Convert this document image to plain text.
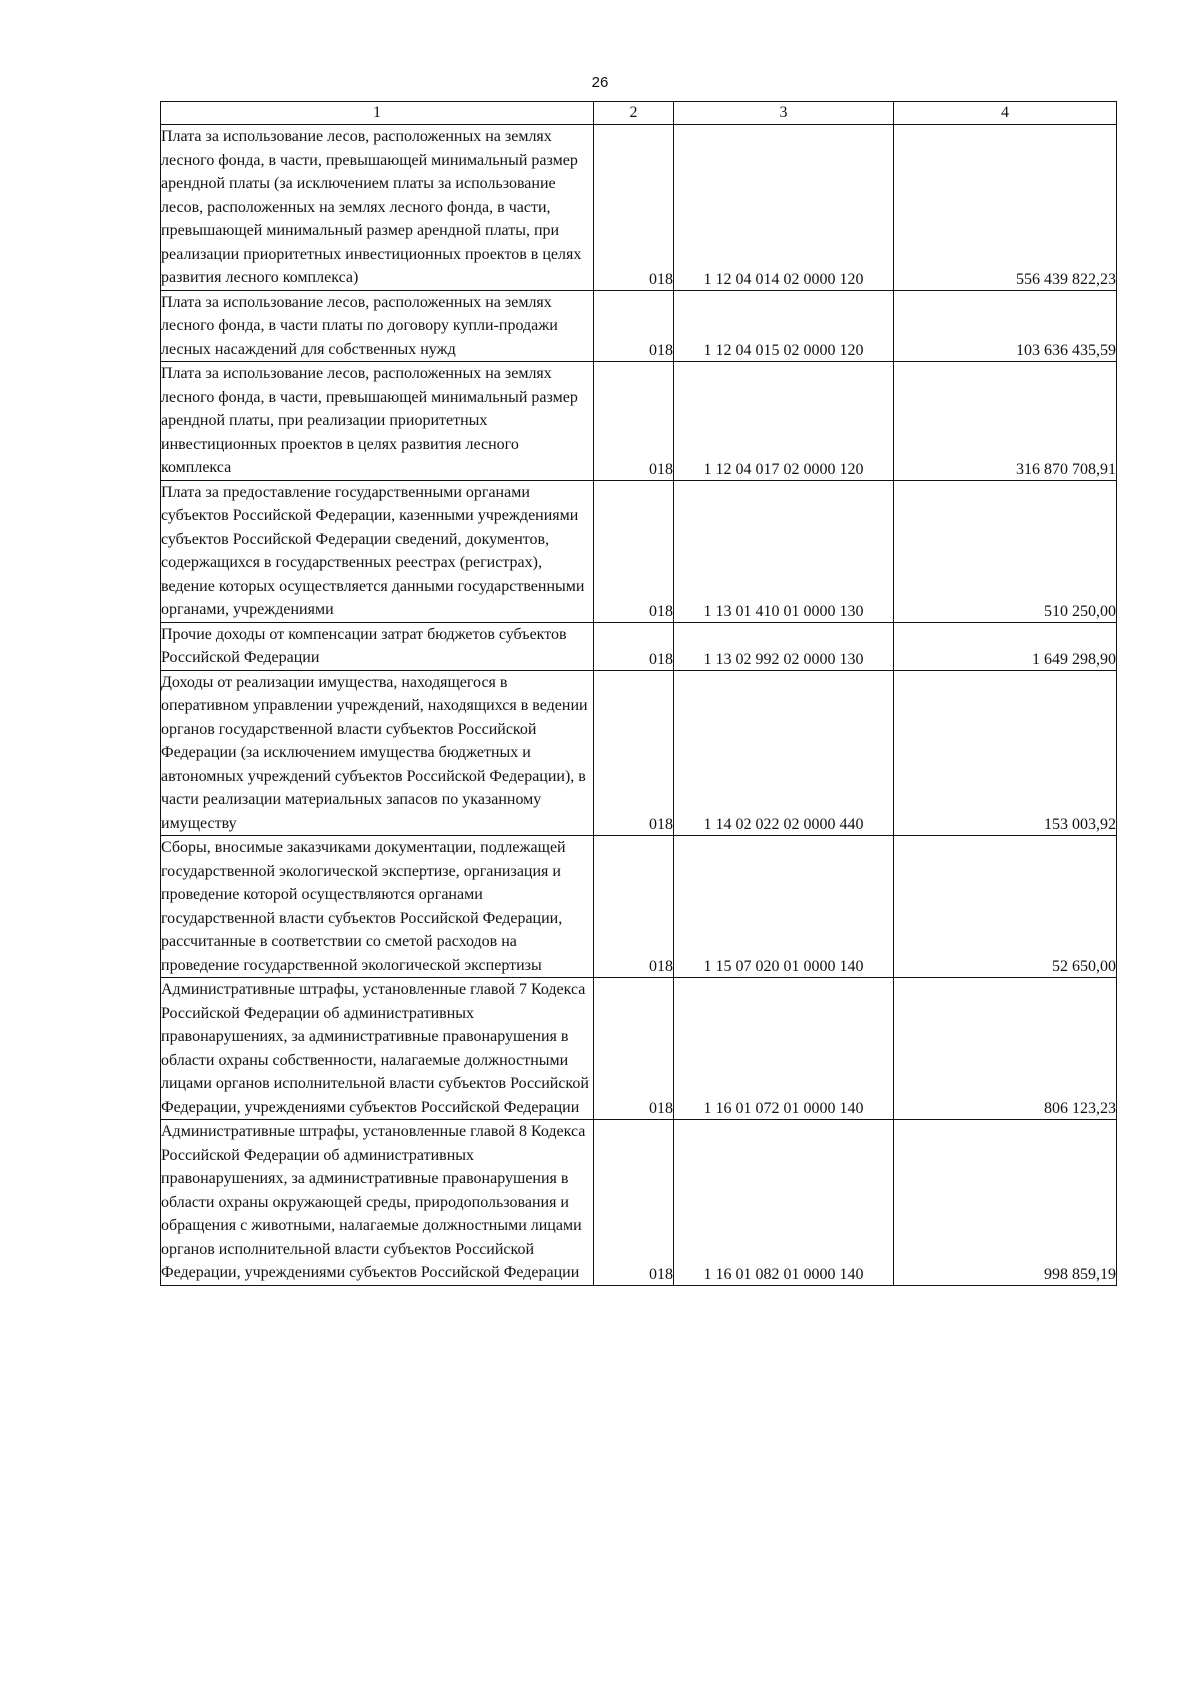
26
1	2	3	4
Плата за использование лесов, расположенных на землях лесного фонда, в части, превышающей минимальный размер арендной платы (за исключением платы за использование лесов, расположенных на землях лесного фонда, в части, превышающей минимальный размер арендной платы, при реализации приоритетных инвестиционных проектов в целях развития лесного комплекса)	018	1 12 04 014 02 0000 120	556 439 822,23
Плата за использование лесов, расположенных на землях лесного фонда, в части платы по договору купли-продажи лесных насаждений для собственных нужд	018	1 12 04 015 02 0000 120	103 636 435,59
Плата за использование лесов, расположенных на землях лесного фонда, в части, превышающей минимальный размер арендной платы, при реализации приоритетных инвестиционных проектов в целях развития лесного комплекса	018	1 12 04 017 02 0000 120	316 870 708,91
Плата за предоставление государственными органами субъектов Российской Федерации, казенными учреждениями субъектов Российской Федерации сведений, документов, содержащихся в государственных реестрах (регистрах), ведение которых осуществляется данными государственными органами, учреждениями	018	1 13 01 410 01 0000 130	510 250,00
Прочие доходы от компенсации затрат бюджетов субъектов Российской Федерации	018	1 13 02 992 02 0000 130	1 649 298,90
Доходы от реализации имущества, находящегося в оперативном управлении учреждений, находящихся в ведении органов государственной власти субъектов Российской Федерации (за исключением имущества бюджетных и автономных учреждений субъектов Российской Федерации), в части реализации материальных запасов по указанному имуществу	018	1 14 02 022 02 0000 440	153 003,92
Сборы, вносимые заказчиками документации, подлежащей государственной экологической экспертизе, организация и проведение которой осуществляются органами государственной власти субъектов Российской Федерации, рассчитанные в соответствии со сметой расходов на проведение государственной экологической экспертизы	018	1 15 07 020 01 0000 140	52 650,00
Административные штрафы, установленные главой 7 Кодекса Российской Федерации об административных правонарушениях, за административные правонарушения в области охраны собственности, налагаемые должностными лицами органов исполнительной власти субъектов Российской Федерации, учреждениями субъектов Российской Федерации	018	1 16 01 072 01 0000 140	806 123,23
Административные штрафы, установленные главой 8 Кодекса Российской Федерации об административных правонарушениях, за административные правонарушения в области охраны окружающей среды, природопользования и обращения с животными, налагаемые должностными лицами органов исполнительной власти субъектов Российской Федерации, учреждениями субъектов Российской Федерации	018	1 16 01 082 01 0000 140	998 859,19
